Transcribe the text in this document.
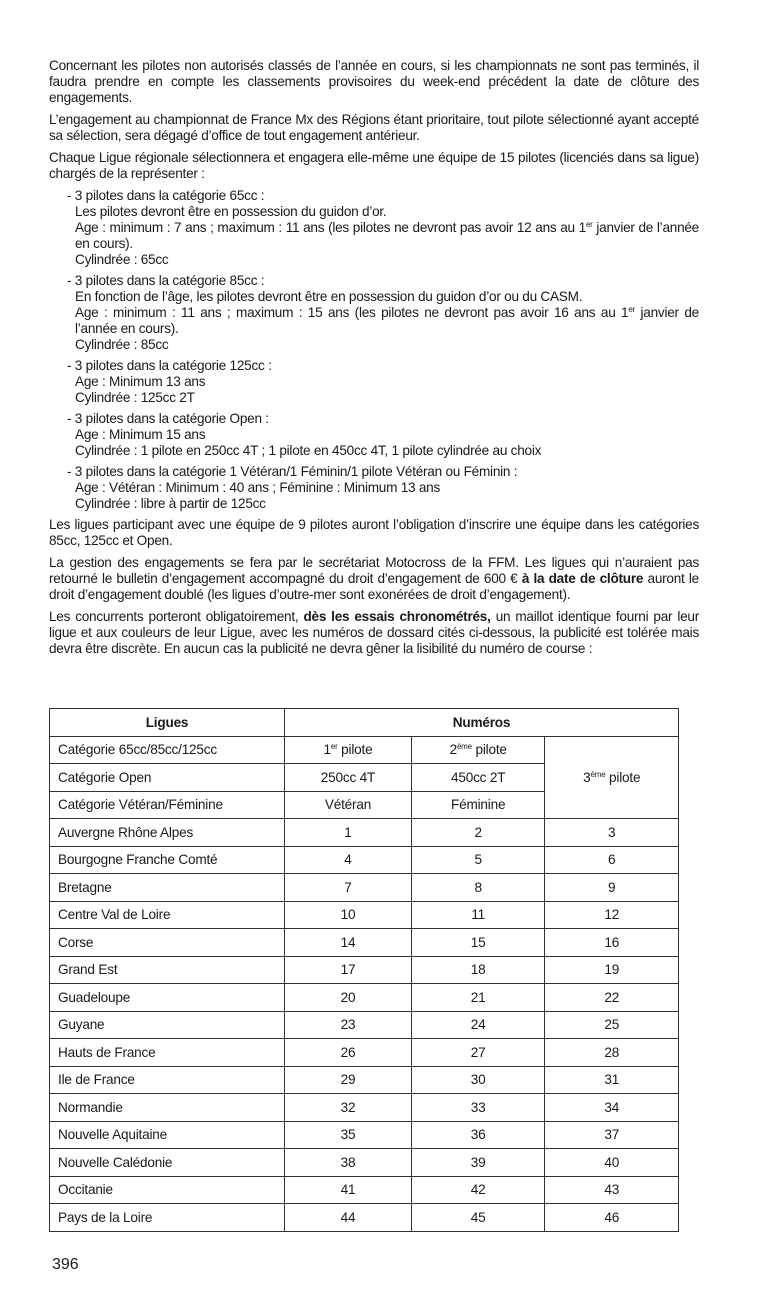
Concernant les pilotes non autorisés classés de l’année en cours, si les championnats ne sont pas terminés, il faudra prendre en compte les classements provisoires du week-end précédent la date de clôture des engagements.

L’engagement au championnat de France Mx des Régions étant prioritaire, tout pilote sélectionné ayant accepté sa sélection, sera dégagé d’office de tout engagement antérieur.

Chaque Ligue régionale sélectionnera et engagera elle-même une équipe de 15 pilotes (licenciés dans sa ligue) chargés de la représenter :

- 3 pilotes dans la catégorie 65cc :
Les pilotes devront être en possession du guidon d’or.
Age : minimum : 7 ans ; maximum : 11 ans (les pilotes ne devront pas avoir 12 ans au 1er janvier de l’année en cours).
Cylindrée : 65cc
- 3 pilotes dans la catégorie 85cc :
En fonction de l’âge, les pilotes devront être en possession du guidon d’or ou du CASM.
Age : minimum : 11 ans ; maximum : 15 ans (les pilotes ne devront pas avoir 16 ans au 1er janvier de l’année en cours).
Cylindrée : 85cc
- 3 pilotes dans la catégorie 125cc :
Age : Minimum 13 ans
Cylindrée : 125cc 2T
- 3 pilotes dans la catégorie Open :
Age : Minimum 15 ans
Cylindrée : 1 pilote en 250cc 4T ; 1 pilote en 450cc 4T, 1 pilote cylindrée au choix
- 3 pilotes dans la catégorie 1 Vétéran/1 Féminin/1 pilote Vétéran ou Féminin :
Age : Vétéran : Minimum : 40 ans ; Féminine : Minimum 13 ans
Cylindrée : libre à partir de 125cc

Les ligues participant avec une équipe de 9 pilotes auront l’obligation d’inscrire une équipe dans les catégories 85cc, 125cc et Open.

La gestion des engagements se fera par le secrétariat Motocross de la FFM. Les ligues qui n’auraient pas retourné le bulletin d’engagement accompagné du droit d’engagement de 600 € à la date de clôture auront le droit d’engagement doublé (les ligues d’outre-mer sont exonérées de droit d’engagement).

Les concurrents porteront obligatoirement, dès les essais chronométrés, un maillot identique fourni par leur ligue et aux couleurs de leur Ligue, avec les numéros de dossard cités ci-dessous, la publicité est tolérée mais devra être discrète. En aucun cas la publicité ne devra gêner la lisibilité du numéro de course :

Ligues	Numéros		
Catégorie 65cc/85cc/125cc	1er pilote	2ème pilote	3ème pilote
Catégorie Open	250cc 4T	450cc 2T	
Catégorie Vétéran/Féminine	Vétéran	Féminine	
Auvergne Rhône Alpes	1	2	3
Bourgogne Franche Comté	4	5	6
Bretagne	7	8	9
Centre Val de Loire	10	11	12
Corse	14	15	16
Grand Est	17	18	19
Guadeloupe	20	21	22
Guyane	23	24	25
Hauts de France	26	27	28
Ile de France	29	30	31
Normandie	32	33	34
Nouvelle Aquitaine	35	36	37
Nouvelle Calédonie	38	39	40
Occitanie	41	42	43
Pays de la Loire	44	45	46
396
